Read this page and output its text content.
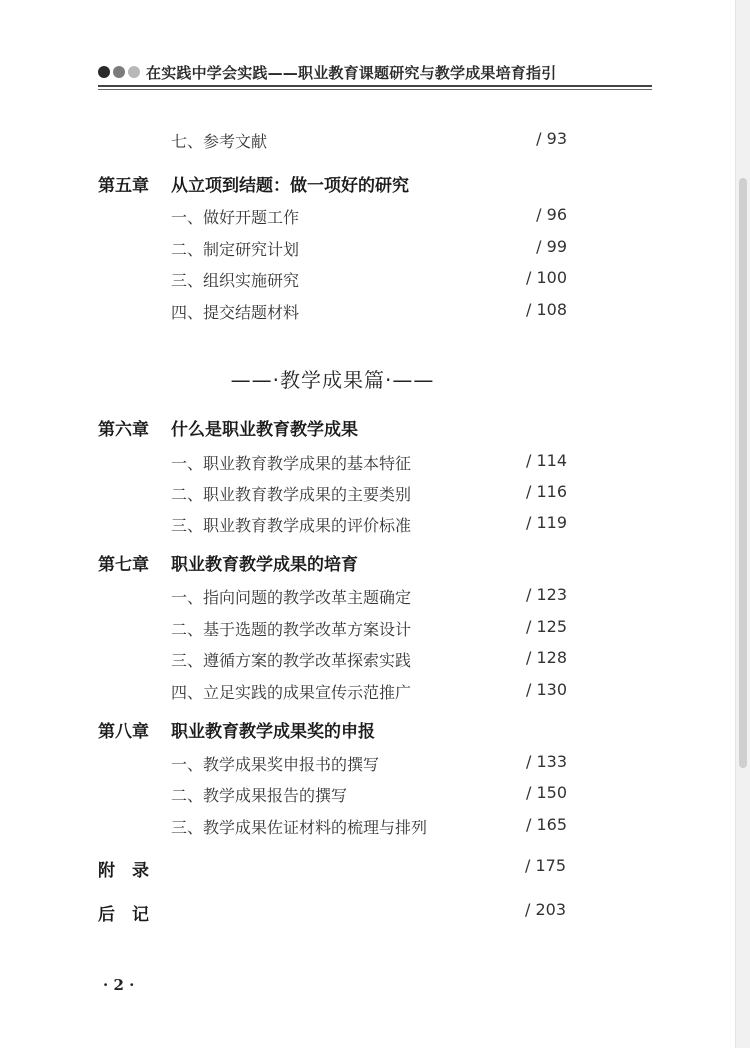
在实践中学会实践——职业教育课题研究与教学成果培育指引
七、参考文献	/ 93
第五章 从立项到结题：做一项好的研究
一、做好开题工作	/ 96
二、制定研究计划	/ 99
三、组织实施研究	/ 100
四、提交结题材料	/ 108
——·教学成果篇·——
第六章 什么是职业教育教学成果
一、职业教育教学成果的基本特征	/ 114
二、职业教育教学成果的主要类别	/ 116
三、职业教育教学成果的评价标准	/ 119
第七章 职业教育教学成果的培育
一、指向问题的教学改革主题确定	/ 123
二、基于选题的教学改革方案设计	/ 125
三、遵循方案的教学改革探索实践	/ 128
四、立足实践的成果宣传示范推广	/ 130
第八章 职业教育教学成果奖的申报
一、教学成果奖申报书的撰写	/ 133
二、教学成果报告的撰写	/ 150
三、教学成果佐证材料的梳理与排列	/ 165
附　录	/ 175
后　记	/ 203
· 2 ·
